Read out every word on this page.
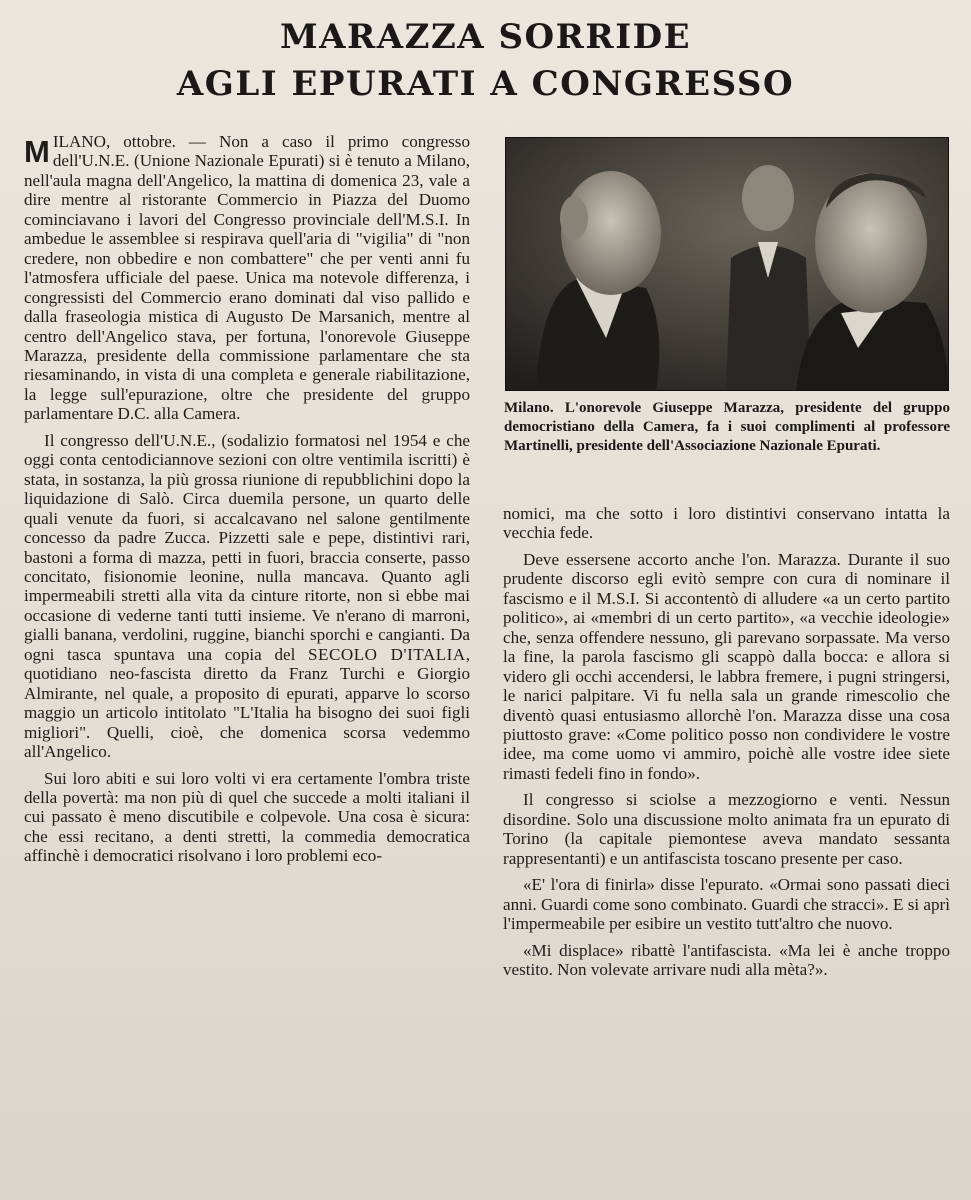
MARAZZA SORRIDE
AGLI EPURATI A CONGRESSO

MILANO, ottobre. — Non a caso il primo congresso dell'U.N.E. (Unione Nazionale Epurati) si è tenuto a Milano, nell'aula magna dell'Angelico, la mattina di domenica 23, vale a dire mentre al ristorante Commercio in Piazza del Duomo cominciavano i lavori del Congresso provinciale dell'M.S.I. In ambedue le assemblee si respirava quell'aria di "vigilia" di "non credere, non obbedire e non combattere" che per venti anni fu l'atmosfera ufficiale del paese. Unica ma notevole differenza, i congressisti del Commercio erano dominati dal viso pallido e dalla fraseologia mistica di Augusto De Marsanich, mentre al centro dell'Angelico stava, per fortuna, l'onorevole Giuseppe Marazza, presidente della commissione parlamentare che sta riesaminando, in vista di una completa e generale riabilitazione, la legge sull'epurazione, oltre che presidente del gruppo parlamentare D.C. alla Camera.

Il congresso dell'U.N.E., (sodalizio formatosi nel 1954 e che oggi conta centodiciannove sezioni con oltre ventimila iscritti) è stata, in sostanza, la più grossa riunione di repubblichini dopo la liquidazione di Salò. Circa duemila persone, un quarto delle quali venute da fuori, si accalcavano nel salone gentilmente concesso da padre Zucca. Pizzetti sale e pepe, distintivi rari, bastoni a forma di mazza, petti in fuori, braccia conserte, passo concitato, fisionomie leonine, nulla mancava. Quanto agli impermeabili stretti alla vita da cinture ritorte, non si ebbe mai occasione di vederne tanti tutti insieme. Ve n'erano di marroni, gialli banana, verdolini, ruggine, bianchi sporchi e cangianti. Da ogni tasca spuntava una copia del SECOLO D'ITALIA, quotidiano neo-fascista diretto da Franz Turchi e Giorgio Almirante, nel quale, a proposito di epurati, apparve lo scorso maggio un articolo intitolato "L'Italia ha bisogno dei suoi figli migliori". Quelli, cioè, che domenica scorsa vedemmo all'Angelico.

Sui loro abiti e sui loro volti vi era certamente l'ombra triste della povertà: ma non più di quel che succede a molti italiani il cui passato è meno discutibile e colpevole. Una cosa è sicura: che essi recitano, a denti stretti, la commedia democratica affinchè i democratici risolvano i loro problemi eco-

Milano. L'onorevole Giuseppe Marazza, presidente del gruppo democristiano della Camera, fa i suoi complimenti al professore Martinelli, presidente dell'Associazione Nazionale Epurati.

nomici, ma che sotto i loro distintivi conservano intatta la vecchia fede.

Deve essersene accorto anche l'on. Marazza. Durante il suo prudente discorso egli evitò sempre con cura di nominare il fascismo e il M.S.I. Si accontentò di alludere «a un certo partito politico», ai «membri di un certo partito», «a vecchie ideologie» che, senza offendere nessuno, gli parevano sorpassate. Ma verso la fine, la parola fascismo gli scappò dalla bocca: e allora si videro gli occhi accendersi, le labbra fremere, i pugni stringersi, le narici palpitare. Vi fu nella sala un grande rimescolio che diventò quasi entusiasmo allorchè l'on. Marazza disse una cosa piuttosto grave: «Come politico posso non condividere le vostre idee, ma come uomo vi ammiro, poichè alle vostre idee siete rimasti fedeli fino in fondo».

Il congresso si sciolse a mezzogiorno e venti. Nessun disordine. Solo una discussione molto animata fra un epurato di Torino (la capitale piemontese aveva mandato sessanta rappresentanti) e un antifascista toscano presente per caso.

«E' l'ora di finirla» disse l'epurato. «Ormai sono passati dieci anni. Guardi come sono combinato. Guardi che stracci». E si aprì l'impermeabile per esibire un vestito tutt'altro che nuovo.

«Mi displace» ribattè l'antifascista. «Ma lei è anche troppo vestito. Non volevate arrivare nudi alla mèta?».
